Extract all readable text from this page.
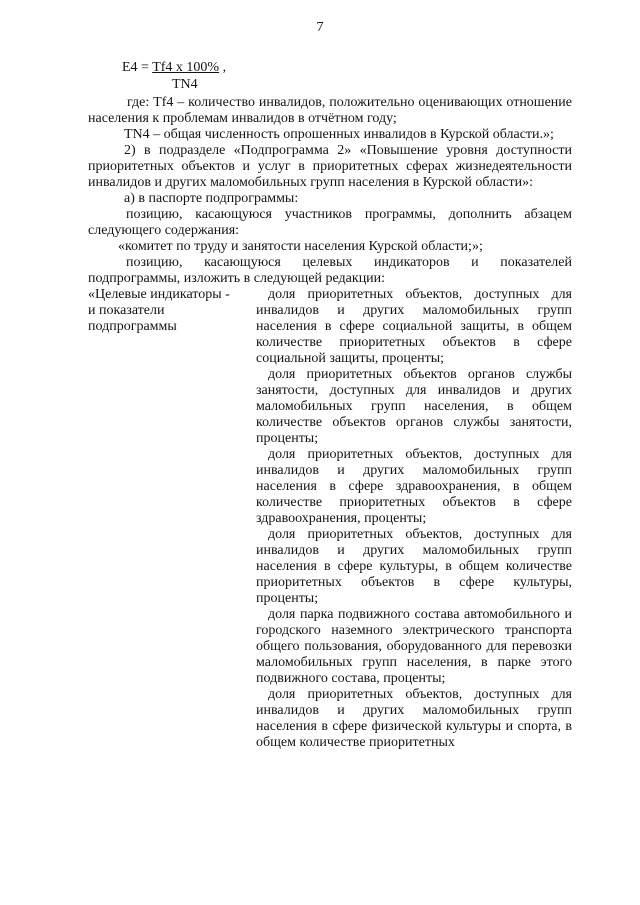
7
E4 = Tf4 x 100% ,
TN4

где: Tf4 – количество инвалидов, положительно оценивающих отношение населения к проблемам инвалидов в отчётном году;

TN4 – общая численность опрошенных инвалидов в Курской области.»;

2) в подразделе «Подпрограмма 2» «Повышение уровня доступности приоритетных объектов и услуг в приоритетных сферах жизнедеятельности инвалидов и других маломобильных групп населения в Курской области»:

а) в паспорте подпрограммы:

позицию, касающуюся участников программы, дополнить абзацем следующего содержания:

«комитет по труду и занятости населения Курской области;»;

позицию, касающуюся целевых индикаторов и показателей подпрограммы, изложить в следующей редакции:

«Целевые индикаторы -
и показатели
подпрограммы

доля приоритетных объектов, доступных для инвалидов и других маломобильных групп населения в сфере социальной защиты, в общем количестве приоритетных объектов в сфере социальной защиты, проценты;

доля приоритетных объектов органов службы занятости, доступных для инвалидов и других маломобильных групп населения, в общем количестве объектов органов службы занятости, проценты;

доля приоритетных объектов, доступных для инвалидов и других маломобильных групп населения в сфере здравоохранения, в общем количестве приоритетных объектов в сфере здравоохранения, проценты;

доля приоритетных объектов, доступных для инвалидов и других маломобильных групп населения в сфере культуры, в общем количестве приоритетных объектов в сфере культуры, проценты;

доля парка подвижного состава автомобильного и городского наземного электрического транспорта общего пользования, оборудованного для перевозки маломобильных групп населения, в парке этого подвижного состава, проценты;

доля приоритетных объектов, доступных для инвалидов и других маломобильных групп населения в сфере физической культуры и спорта, в общем количестве приоритетных
